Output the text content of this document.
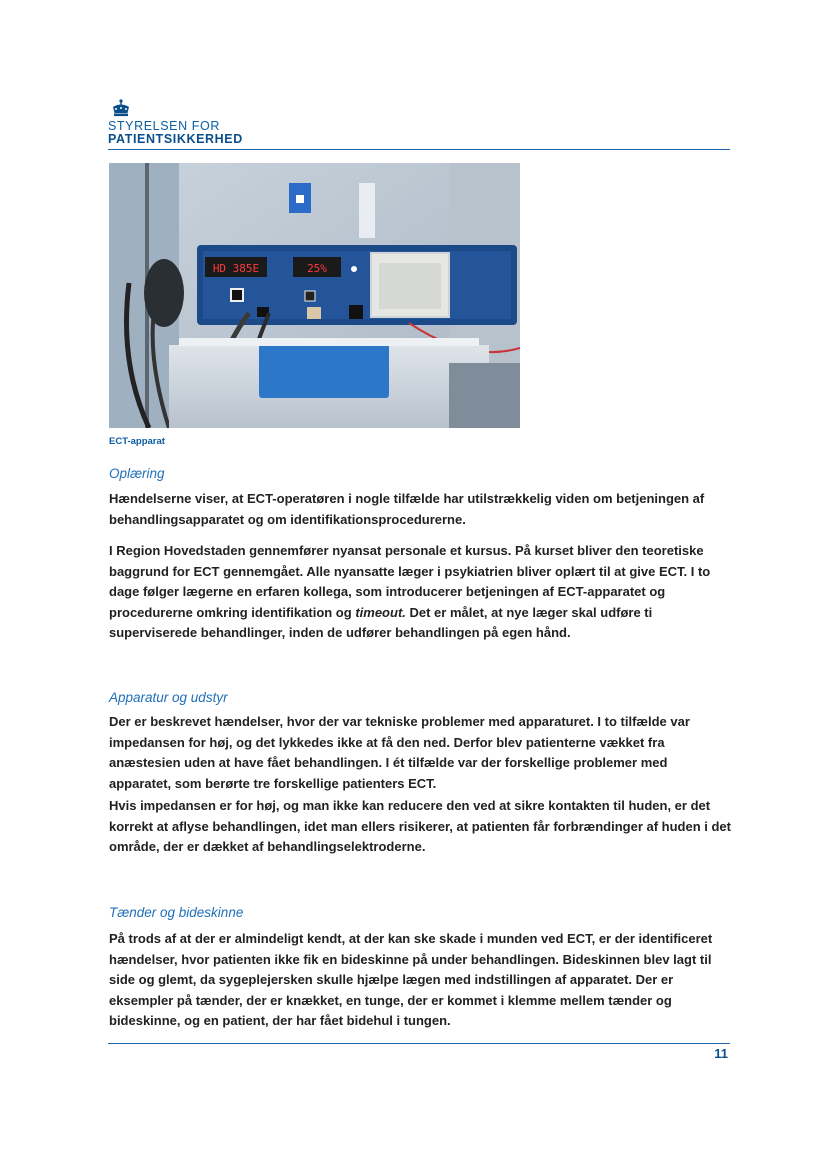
STYRELSEN FOR
PATIENTSIKKERHED
HD 385E	25%
ECT-apparat
Oplæring

Hændelserne viser, at ECT-operatøren i nogle tilfælde har utilstrækkelig viden om betjeningen af behandlingsapparatet og om identifikationsprocedurerne.

I Region Hovedstaden gennemfører nyansat personale et kursus. På kurset bliver den teoretiske baggrund for ECT gennemgået. Alle nyansatte læger i psykiatrien bliver oplært til at give ECT. I to dage følger lægerne en erfaren kollega, som introducerer betjeningen af ECT-apparatet og procedurerne omkring identifikation og timeout. Det er målet, at nye læger skal udføre ti superviserede behandlinger, inden de udfører behandlingen på egen hånd.

Apparatur og udstyr

Der er beskrevet hændelser, hvor der var tekniske problemer med apparaturet. I to tilfælde var impedansen for høj, og det lykkedes ikke at få den ned. Derfor blev patienterne vækket fra anæstesien uden at have fået behandlingen. I ét tilfælde var der forskellige problemer med apparatet, som berørte tre forskellige patienters ECT.

Hvis impedansen er for høj, og man ikke kan reducere den ved at sikre kontakten til huden, er det korrekt at aflyse behandlingen, idet man ellers risikerer, at patienten får forbrændinger af huden i det område, der er dækket af behandlingselektroderne.

Tænder og bideskinne

På trods af at der er almindeligt kendt, at der kan ske skade i munden ved ECT, er der identificeret hændelser, hvor patienten ikke fik en bideskinne på under behandlingen. Bideskinnen blev lagt til side og glemt, da sygeplejersken skulle hjælpe lægen med indstillingen af apparatet. Der er eksempler på tænder, der er knækket, en tunge, der er kommet i klemme mellem tænder og bideskinne, og en patient, der har fået bidehul i tungen.

11
